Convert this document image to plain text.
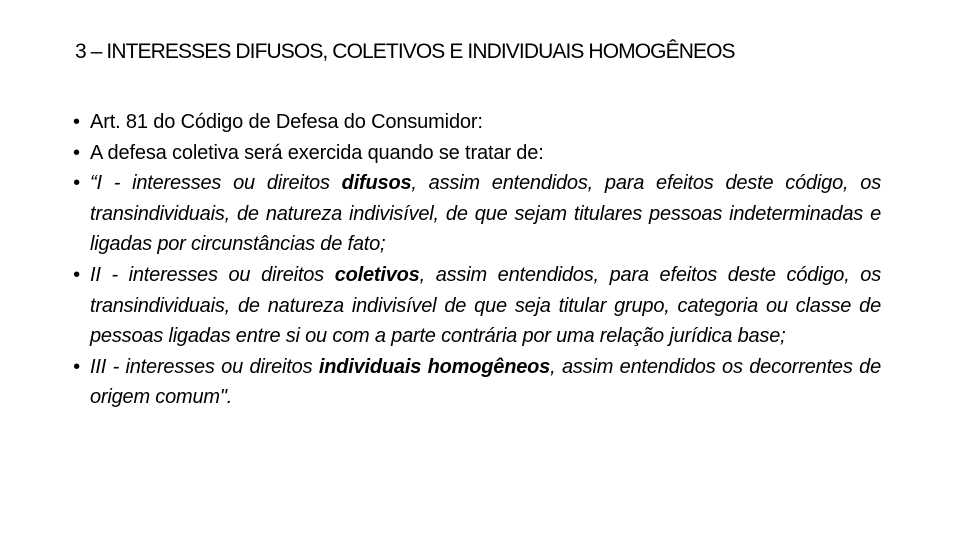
3 – INTERESSES DIFUSOS, COLETIVOS E INDIVIDUAIS HOMOGÊNEOS
• Art. 81 do Código de Defesa do Consumidor:
• A defesa coletiva será exercida quando se tratar de:
• “I - interesses ou direitos difusos, assim entendidos, para efeitos deste código, os transindividuais, de natureza indivisível, de que sejam titulares pessoas indeterminadas e ligadas por circunstâncias de fato;
• II - interesses ou direitos coletivos, assim entendidos, para efeitos deste código, os transindividuais, de natureza indivisível de que seja titular grupo, categoria ou classe de pessoas ligadas entre si ou com a parte contrária por uma relação jurídica base;
• III - interesses ou direitos individuais homogêneos, assim entendidos os decorrentes de origem comum".
